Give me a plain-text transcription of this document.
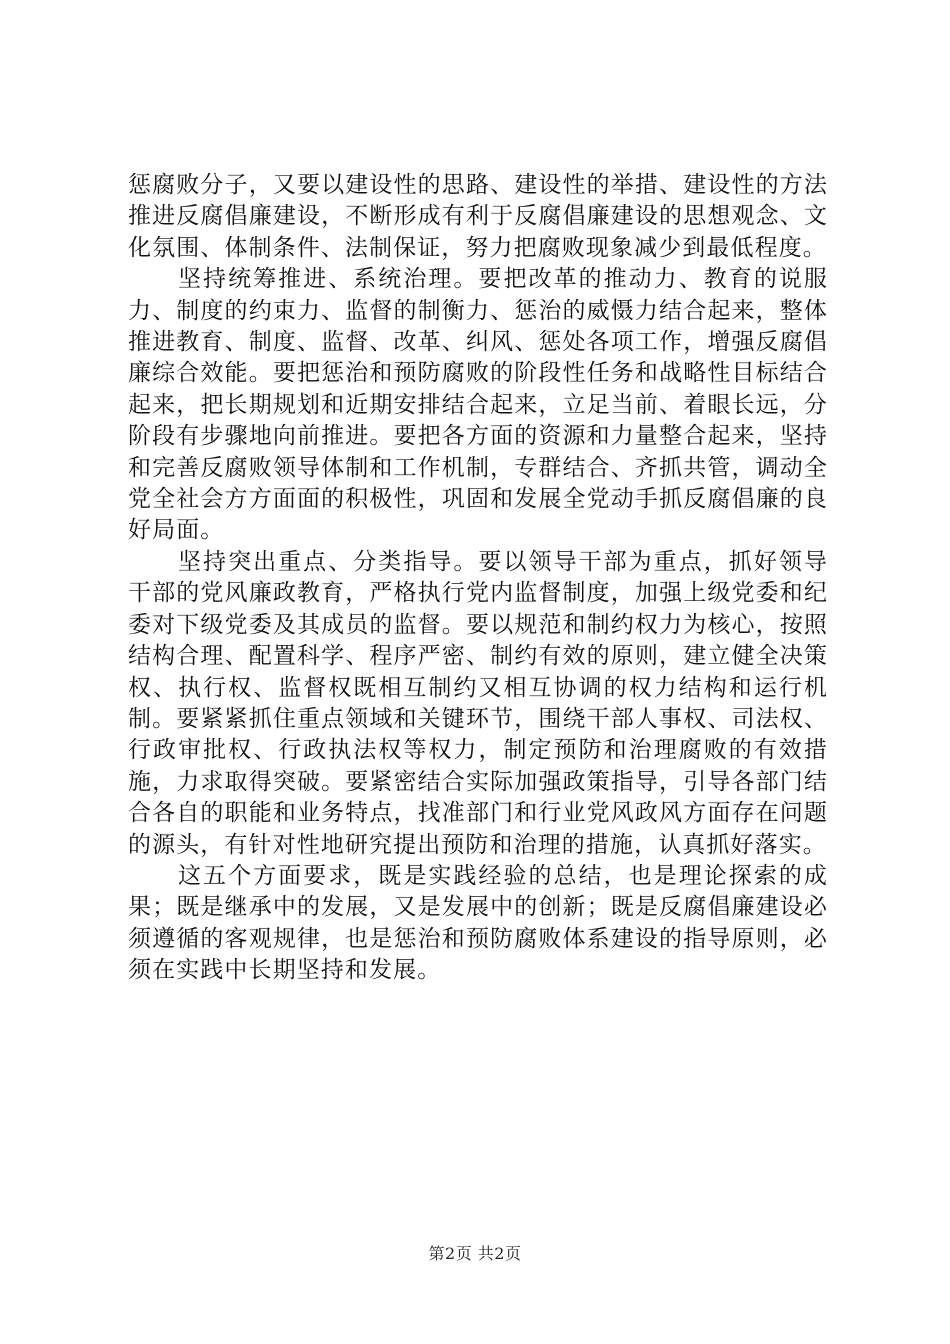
惩腐败分子，又要以建设性的思路、建设性的举措、建设性的方法推进反腐倡廉建设，不断形成有利于反腐倡廉建设的思想观念、文化氛围、体制条件、法制保证，努力把腐败现象减少到最低程度。

坚持统筹推进、系统治理。要把改革的推动力、教育的说服力、制度的约束力、监督的制衡力、惩治的威慑力结合起来，整体推进教育、制度、监督、改革、纠风、惩处各项工作，增强反腐倡廉综合效能。要把惩治和预防腐败的阶段性任务和战略性目标结合起来，把长期规划和近期安排结合起来，立足当前、着眼长远，分阶段有步骤地向前推进。要把各方面的资源和力量整合起来，坚持和完善反腐败领导体制和工作机制，专群结合、齐抓共管，调动全党全社会方方面面的积极性，巩固和发展全党动手抓反腐倡廉的良好局面。

坚持突出重点、分类指导。要以领导干部为重点，抓好领导干部的党风廉政教育，严格执行党内监督制度，加强上级党委和纪委对下级党委及其成员的监督。要以规范和制约权力为核心，按照结构合理、配置科学、程序严密、制约有效的原则，建立健全决策权、执行权、监督权既相互制约又相互协调的权力结构和运行机制。要紧紧抓住重点领域和关键环节，围绕干部人事权、司法权、行政审批权、行政执法权等权力，制定预防和治理腐败的有效措施，力求取得突破。要紧密结合实际加强政策指导，引导各部门结合各自的职能和业务特点，找准部门和行业党风政风方面存在问题的源头，有针对性地研究提出预防和治理的措施，认真抓好落实。

这五个方面要求，既是实践经验的总结，也是理论探索的成果；既是继承中的发展，又是发展中的创新；既是反腐倡廉建设必须遵循的客观规律，也是惩治和预防腐败体系建设的指导原则，必须在实践中长期坚持和发展。

第2页 共2页
